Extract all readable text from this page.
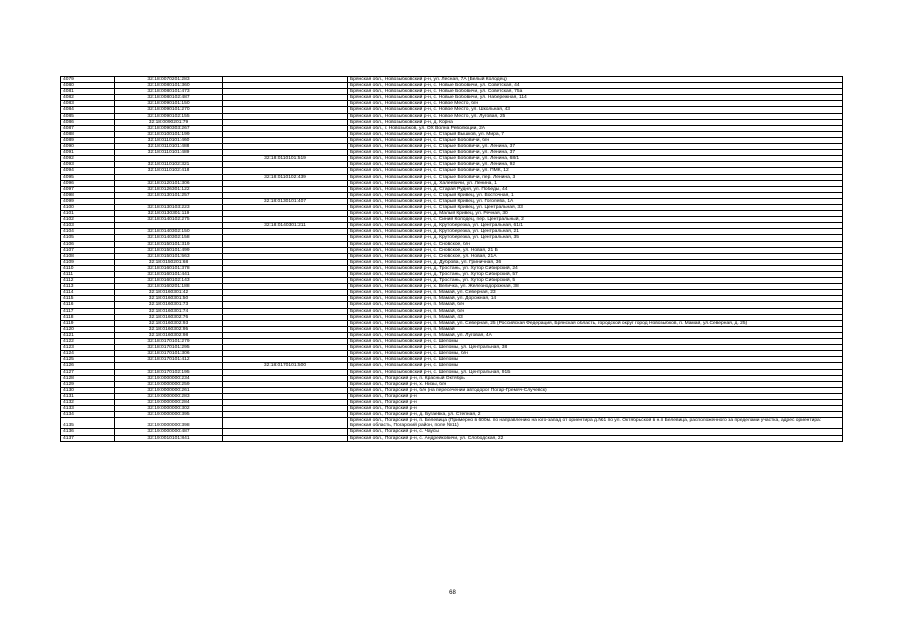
4079	32:18:0070201:283		Брянская обл., Новозыбковский р-н, ул. Лесная, 7А (Белый Колодец)
4080	32:18:0080101:360		Брянская обл., Новозыбковский р-н, с. Новые Бобовичи, ул. Советская, 44
4081	32:18:0080101:473		Брянская обл., Новозыбковский р-н, с. Новые Бобовичи, ул. Советская, 75а
4082	32:18:0080102:487		Брянская обл., Новозыбковский р-н, с. Новые Бобовичи, ул. Набережная, 114
4083	32:18:0090101:150		Брянская обл., Новозыбковский р-н, с. Новое Место, б/н
4084	32:18:0090101:270		Брянская обл., Новозыбковский р-н, с. Новое Место, ул. Школьная, 43
4085	32:18:0090102:155		Брянская обл., Новозыбковский р-н, с. Новое Место, ул. Луговая, 25
4086	32:18:0090201:79		Брянская обл., Новозыбковский р-н, д. Корна
4087	32:18:0090303:267		Брянская обл., г. Новозыбков, ул. ОХ Волна Революции, 2А
4088	32:18:0100101:199		Брянская обл., Новозыбковский р-н, с. Старый Вышков, ул. Мира, 7
4089	32:18:0110101:460		Брянская обл., Новозыбковский р-н, с. Старые Бобовичи, б/н
4090	32:18:0110101:488		Брянская обл., Новозыбковский р-н, с. Старые Бобовичи, ул. Ленина, 37
4091	32:18:0110101:489		Брянская обл., Новозыбковский р-н, с. Старые Бобовичи, ул. Ленина, 37
4092		32:18:0110101:519	Брянская обл., Новозыбковский р-н, с. Старые Бобовичи, ул. Ленина, 68/1
4093	32:18:0110102:321		Брянская обл., Новозыбковский р-н, с. Старые Бобовичи, ул. Ленина, 92
4094	32:18:0110102:418		Брянская обл., Новозыбковский р-н, с. Старые Бобовичи, ул. ПМК, 12
4095		32:18:0110102:439	Брянская обл., Новозыбковский р-н, с. Старые Бобовичи, пер. Ленина, 3
4096	32:18:0120101:306		Брянская обл., Новозыбковский р-н, д. Халеевичи, ул. Ленина, 1
4097	32:18:0126301:122		Брянская обл., Новозыбковский р-н, д. Старая Рудня, ул. Победы, 44
4098	32:18:0130101:257		Брянская обл., Новозыбковский р-н, с. Старый Кривец, ул. Восточная, 1
4099		32:18:0130101:407	Брянская обл., Новозыбковский р-н, с. Старый Кривец, ул. Гоголева, 1А
4100	32:18:0130103:223		Брянская обл., Новозыбковский р-н, с. Старый Кривец, ул. Центральная, 33
4101	32:18:0130301:119		Брянская обл., Новозыбковский р-н, д. Малый Кривец, ул. Речная, 30
4102	32:18:0140102:275		Брянская обл., Новозыбковский р-н, с. Синий Колодец, пер. Центральный, 2
4103		32:18:0140301:211	Брянская обл., Новозыбковский р-н, д. Крутоберезка, ул. Центральная, 61/1
4104	32:18:0140302:150		Брянская обл., Новозыбковский р-н, д. Крутоберезка, ул. Центральная, 21
4105	32:18:0140302:158		Брянская обл., Новозыбковский р-н, д. Крутоберезка, ул. Центральная, 35
4106	32:18:0150101:319		Брянская обл., Новозыбковский р-н, с. Сновское, б/н
4107	32:18:0150101:499		Брянская обл., Новозыбковский р-н, с. Сновское, ул. Новая, 21 Б
4108	32:18:0150101:563		Брянская обл., Новозыбковский р-н, с. Сновское, ул. Новая, 21А
4109	32:18:0150201:68		Брянская обл., Новозыбковский р-н, д. Дуброва, ул. Гриничная, 36
4110	32:18:0160101:378		Брянская обл., Новозыбковский р-н, д. Тростань, ул. Хутор Сибирский, 24
4111	32:18:0160101:441		Брянская обл., Новозыбковский р-н, д. Тростань, ул. Хутор Сибирский, 57
4112	32:18:0160102:143		Брянская обл., Новозыбковский р-н, д. Тростань, ул. Хутор Сибирский, 5
4113	32:18:0160201:188		Брянская обл., Новозыбковский р-н, х. Величка, ул. Железнодорожная, 38
4114	32:18:0160301:42		Брянская обл., Новозыбковский р-н, п. Мамай, ул. Северная, 23
4115	32:18:0160301:50		Брянская обл., Новозыбковский р-н, п. Мамай, ул. Дорожная, 14
4116	32:18:0160301:73		Брянская обл., Новозыбковский р-н, п. Мамай, б/н
4117	32:18:0160301:74		Брянская обл., Новозыбковский р-н, п. Мамай, б/н
4118	32:18:0160302:76		Брянская обл., Новозыбковский р-н, п. Мамай, 43
4119	32:18:0160302:93		Брянская обл., Новозыбковский р-н, п. Мамай, ул. Северная, 25 (Российская Федерация, Брянская область, городской округ город Новозыбков, п. Мамай, ул.Северная, д. 25)
4120	32:18:0160302:95		Брянская обл., Новозыбковский р-н, п. Мамай
4121	32:18:0160302:98		Брянская обл., Новозыбковский р-н, п. Мамай, ул. Луговая, 4А
4122	32:18:0170101:279		Брянская обл., Новозыбковский р-н, с. Шеломы
4123	32:18:0170101:295		Брянская обл., Новозыбковский р-н, с. Шеломы, ул. Центральная, 38
4124	32:18:0170101:306		Брянская обл., Новозыбковский р-н, с. Шеломы, б/н
4125	32:18:0170101:412		Брянская обл., Новозыбковский р-н, с. Шеломы
4126		32:18:0170101:500	Брянская обл., Новозыбковский р-н, с. Шеломы
4127	32:18:0170102:195		Брянская обл., Новозыбковский р-н, с. Шеломы, ул. Центральная, 91Б
4128	32:19:0000000:234		Брянская обл., Погарский р-н, п. Красный Октябрь
4129	32:19:0000000:259		Брянская обл., Погарский р-н, х. Низы, б/н
4130	32:19:0000000:261		Брянская обл., Погарский р-н, б/н (на пересечении автодорог Погар-Гремяч-Случевск)
4131	32:19:0000000:283		Брянская обл., Погарский р-н
4132	32:19:0000000:284		Брянская обл., Погарский р-н
4133	32:19:0000000:302		Брянская обл., Погарский р-н
4134	32:19:0000000:395		Брянская обл., Погарский р-н, д. Бугаевка, ул. Степная, 2
4135	32:19:0000000:398		Брянская обл., Погарский р-н, п. Белевица (Примерно в 600м. по направлению на юго-запад от ориентира д.№1 по ул. Октябрьской в н.п Белевица, расположенного за пределами участка, адрес ориентира: Брянская область, Погарский район, поле №11)
4136	32:19:0000000:487		Брянская обл., Погарский р-н, с. Чаусы
4137	32:19:0010101:841		Брянская обл., Погарский р-н, с. Андрейковичи, ул. Слободская, 22
68
